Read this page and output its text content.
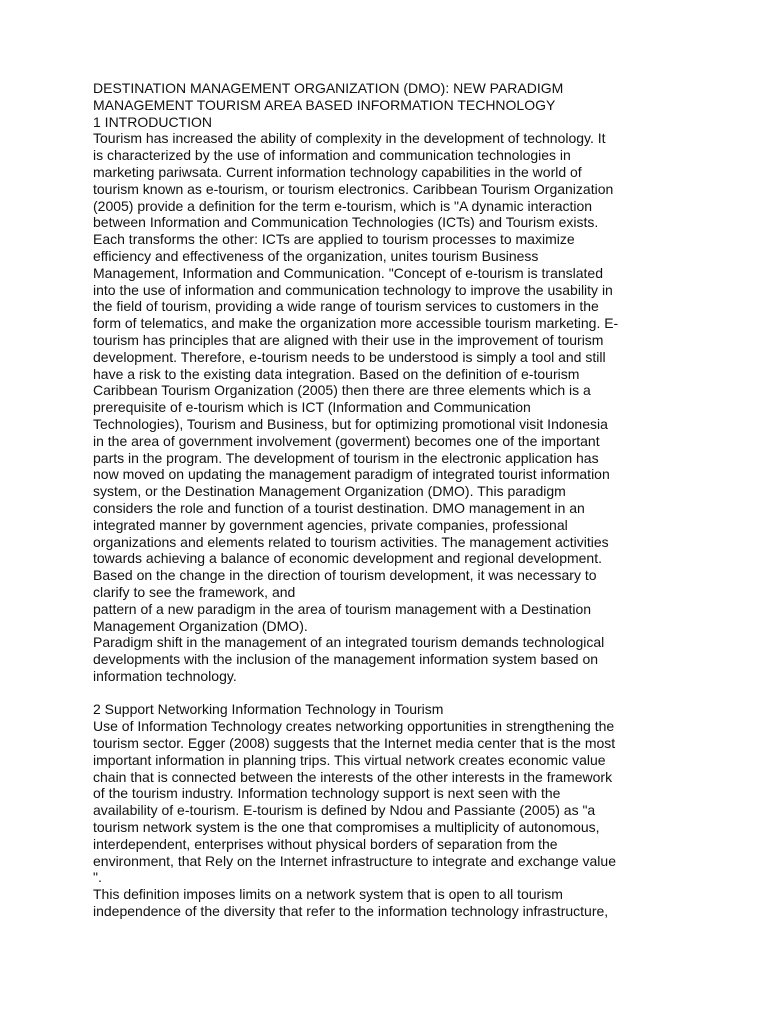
DESTINATION MANAGEMENT ORGANIZATION (DMO): NEW PARADIGM
MANAGEMENT TOURISM AREA BASED INFORMATION TECHNOLOGY
1 INTRODUCTION
Tourism has increased the ability of complexity in the development of technology. It
is characterized by the use of information and communication technologies in
marketing pariwsata. Current information technology capabilities in the world of
tourism known as e-tourism, or tourism electronics. Caribbean Tourism Organization
(2005) provide a definition for the term e-tourism, which is "A dynamic interaction
between Information and Communication Technologies (ICTs) and Tourism exists.
Each transforms the other: ICTs are applied to tourism processes to maximize
efficiency and effectiveness of the organization, unites tourism Business
Management, Information and Communication. "Concept of e-tourism is translated
into the use of information and communication technology to improve the usability in
the field of tourism, providing a wide range of tourism services to customers in the
form of telematics, and make the organization more accessible tourism marketing. E-
tourism has principles that are aligned with their use in the improvement of tourism
development. Therefore, e-tourism needs to be understood is simply a tool and still
have a risk to the existing data integration. Based on the definition of e-tourism
Caribbean Tourism Organization (2005) then there are three elements which is a
prerequisite of e-tourism which is ICT (Information and Communication
Technologies), Tourism and Business, but for optimizing promotional visit Indonesia
in the area of government involvement (goverment) becomes one of the important
parts in the program. The development of tourism in the electronic application has
now moved on updating the management paradigm of integrated tourist information
system, or the Destination Management Organization (DMO). This paradigm
considers the role and function of a tourist destination. DMO management in an
integrated manner by government agencies, private companies, professional
organizations and elements related to tourism activities. The management activities
towards achieving a balance of economic development and regional development.
Based on the change in the direction of tourism development, it was necessary to
clarify to see the framework, and
pattern of a new paradigm in the area of tourism management with a Destination
Management Organization (DMO).
Paradigm shift in the management of an integrated tourism demands technological
developments with the inclusion of the management information system based on
information technology.
2 Support Networking Information Technology in Tourism
Use of Information Technology creates networking opportunities in strengthening the
tourism sector. Egger (2008) suggests that the Internet media center that is the most
important information in planning trips. This virtual network creates economic value
chain that is connected between the interests of the other interests in the framework
of the tourism industry. Information technology support is next seen with the
availability of e-tourism. E-tourism is defined by Ndou and Passiante (2005) as "a
tourism network system is the one that compromises a multiplicity of autonomous,
interdependent, enterprises without physical borders of separation from the
environment, that Rely on the Internet infrastructure to integrate and exchange value
".
This definition imposes limits on a network system that is open to all tourism
independence of the diversity that refer to the information technology infrastructure,
